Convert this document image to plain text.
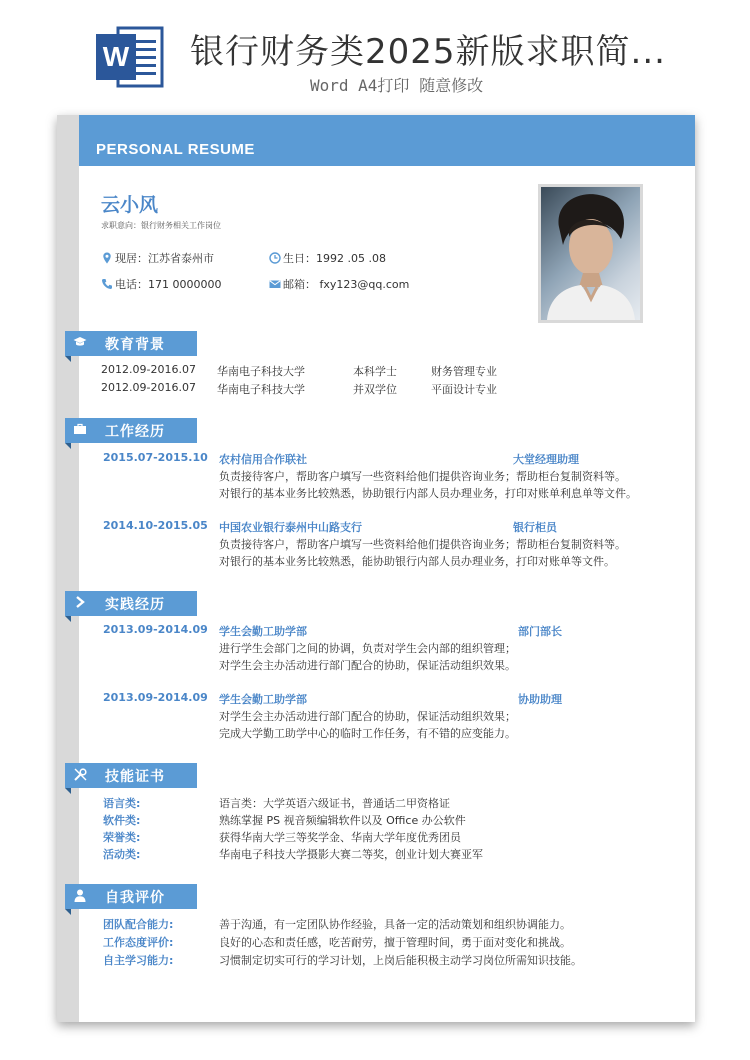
W 银行财务类2025新版求职简...
Word A4打印 随意修改
PERSONAL RESUME
云小风
求职意向：银行财务相关工作岗位
现居：江苏省泰州市	生日：1992 .05 .08
电话：171 0000000	邮箱： fxy123@qq.com
教育背景
2012.09-2016.07 华南电子科技大学	本科学士	财务管理专业
2012.09-2016.07 华南电子科技大学	并双学位	平面设计专业
工作经历
2015.07-2015.10 农村信用合作联社	大堂经理助理
负责接待客户，帮助客户填写一些资料给他们提供咨询业务；帮助柜台复制资料等。
对银行的基本业务比较熟悉，协助银行内部人员办理业务，打印对账单利息单等文件。
2014.10-2015.05 中国农业银行泰州中山路支行	银行柜员
负责接待客户，帮助客户填写一些资料给他们提供咨询业务；帮助柜台复制资料等。
对银行的基本业务比较熟悉，能协助银行内部人员办理业务，打印对账单等文件。
实践经历
2013.09-2014.09 学生会勤工助学部	部门部长
进行学生会部门之间的协调，负责对学生会内部的组织管理；
对学生会主办活动进行部门配合的协助，保证活动组织效果。
2013.09-2014.09 学生会勤工助学部	协助助理
对学生会主办活动进行部门配合的协助，保证活动组织效果；
完成大学勤工助学中心的临时工作任务，有不错的应变能力。
技能证书
语言类:	语言类：大学英语六级证书，普通话二甲资格证
软件类:	熟练掌握 PS 视音频编辑软件以及 Office 办公软件
荣誉类:	获得华南大学三等奖学金、华南大学年度优秀团员
活动类:	华南电子科技大学摄影大赛二等奖，创业计划大赛亚军
自我评价
团队配合能力:	善于沟通，有一定团队协作经验，具备一定的活动策划和组织协调能力。
工作态度评价:	良好的心态和责任感，吃苦耐劳，擅于管理时间，勇于面对变化和挑战。
自主学习能力:	习惯制定切实可行的学习计划，上岗后能积极主动学习岗位所需知识技能。
